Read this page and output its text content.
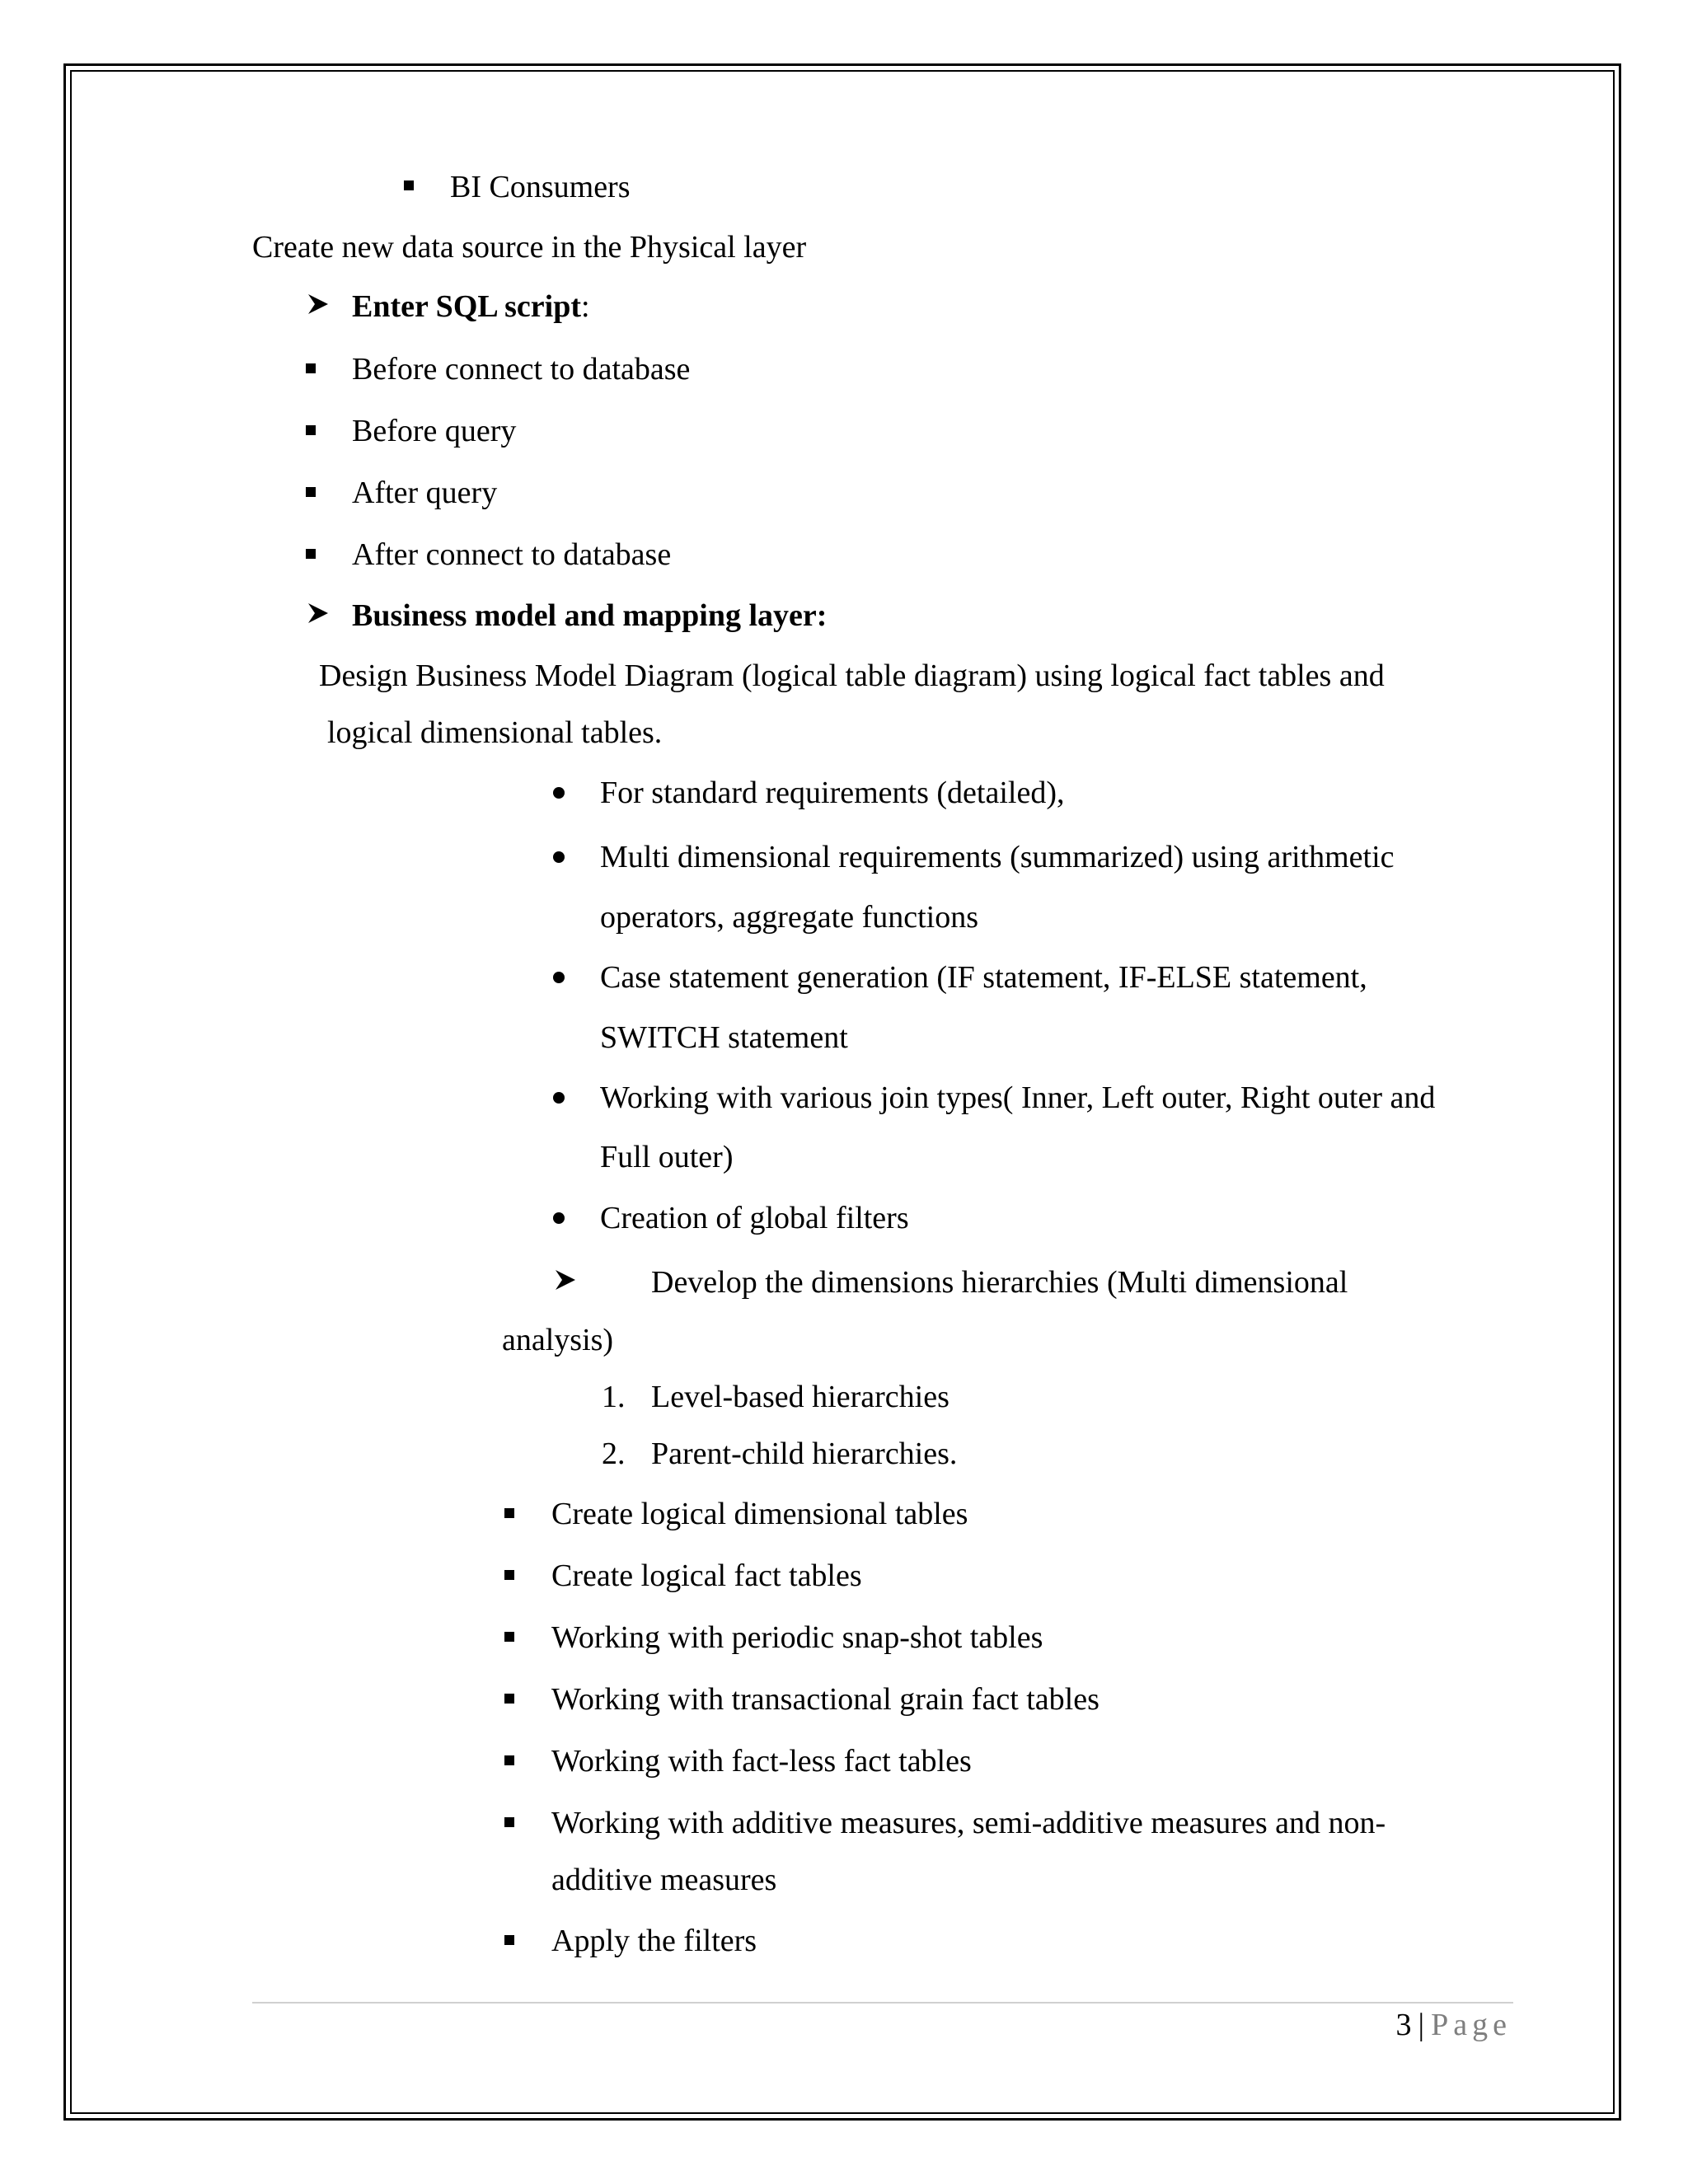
BI Consumers
Create new data source in the Physical layer
Enter SQL script:
Before connect to database
Before query
After query
After connect to database
Business model and mapping layer:
Design Business Model Diagram (logical table diagram) using logical fact tables and
logical dimensional tables.
For standard requirements (detailed),
Multi dimensional requirements (summarized) using arithmetic
operators, aggregate functions
Case statement generation (IF statement, IF-ELSE statement,
SWITCH statement
Working with various join types( Inner, Left outer, Right outer and
Full outer)
Creation of global filters
Develop the dimensions hierarchies (Multi dimensional
analysis)
1. Level-based hierarchies
2. Parent-child hierarchies.
Create logical dimensional tables
Create logical fact tables
Working with periodic snap-shot tables
Working with transactional grain fact tables
Working with fact-less fact tables
Working with additive measures, semi-additive measures and non-
additive measures
Apply the filters
3 | Page
